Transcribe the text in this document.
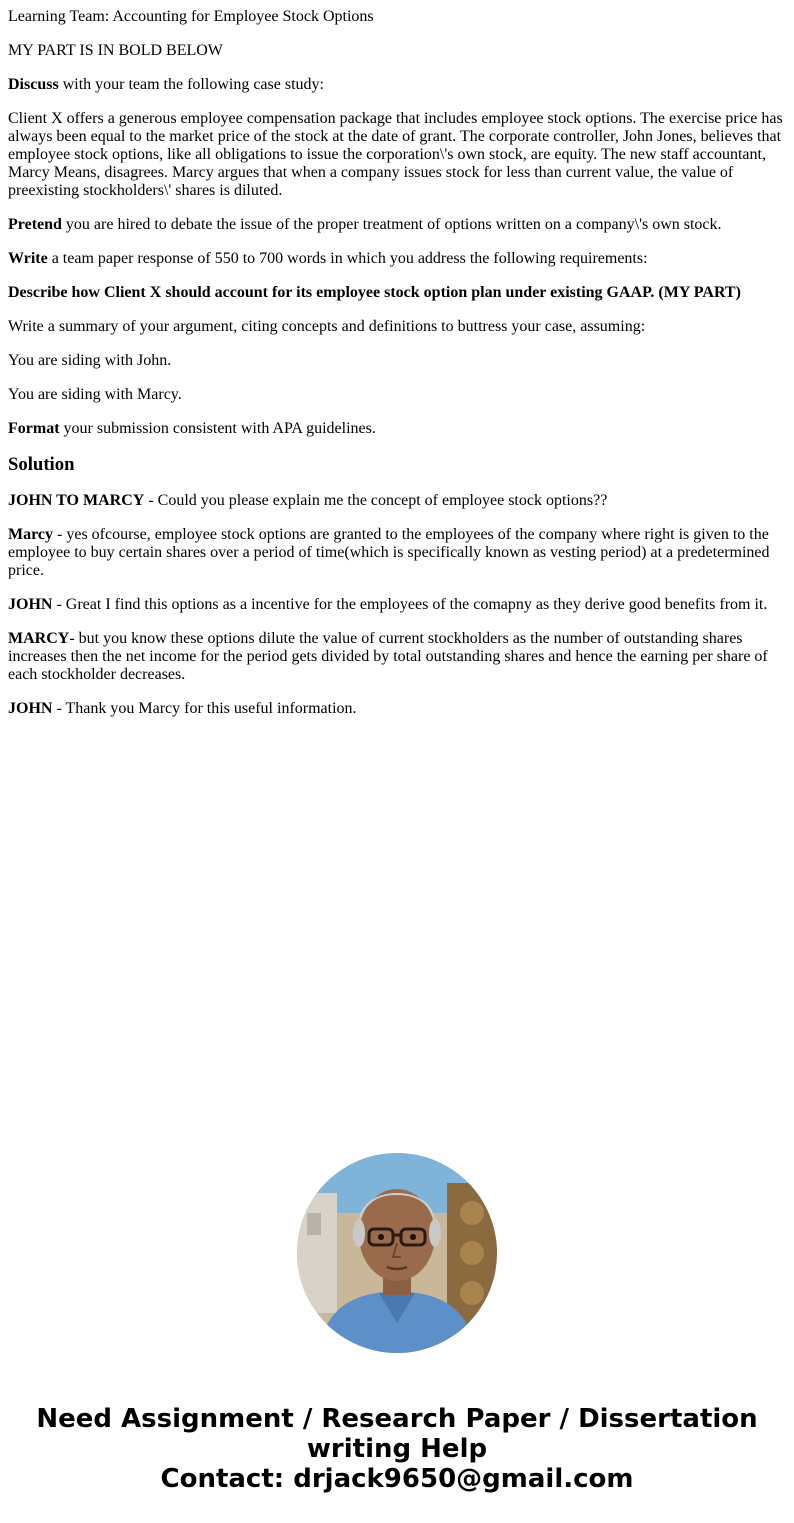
Learning Team: Accounting for Employee Stock Options

MY PART IS IN BOLD BELOW

Discuss with your team the following case study:

Client X offers a generous employee compensation package that includes employee stock options. The exercise price has always been equal to the market price of the stock at the date of grant. The corporate controller, John Jones, believes that employee stock options, like all obligations to issue the corporation\'s own stock, are equity. The new staff accountant, Marcy Means, disagrees. Marcy argues that when a company issues stock for less than current value, the value of preexisting stockholders\' shares is diluted.

Pretend you are hired to debate the issue of the proper treatment of options written on a company\'s own stock.

Write a team paper response of 550 to 700 words in which you address the following requirements:

Describe how Client X should account for its employee stock option plan under existing GAAP. (MY PART)

Write a summary of your argument, citing concepts and definitions to buttress your case, assuming:

You are siding with John.

You are siding with Marcy.

Format your submission consistent with APA guidelines.

Solution

JOHN TO MARCY - Could you please explain me the concept of employee stock options??

Marcy - yes ofcourse, employee stock options are granted to the employees of the company where right is given to the employee to buy certain shares over a period of time(which is specifically known as vesting period) at a predetermined price.

JOHN - Great I find this options as a incentive for the employees of the comapny as they derive good benefits from it.

MARCY- but you know these options dilute the value of current stockholders as the number of outstanding shares increases then the net income for the period gets divided by total outstanding shares and hence the earning per share of each stockholder decreases.

JOHN - Thank you Marcy for this useful information.

Need Assignment / Research Paper / Dissertation
writing Help
Contact: drjack9650@gmail.com
